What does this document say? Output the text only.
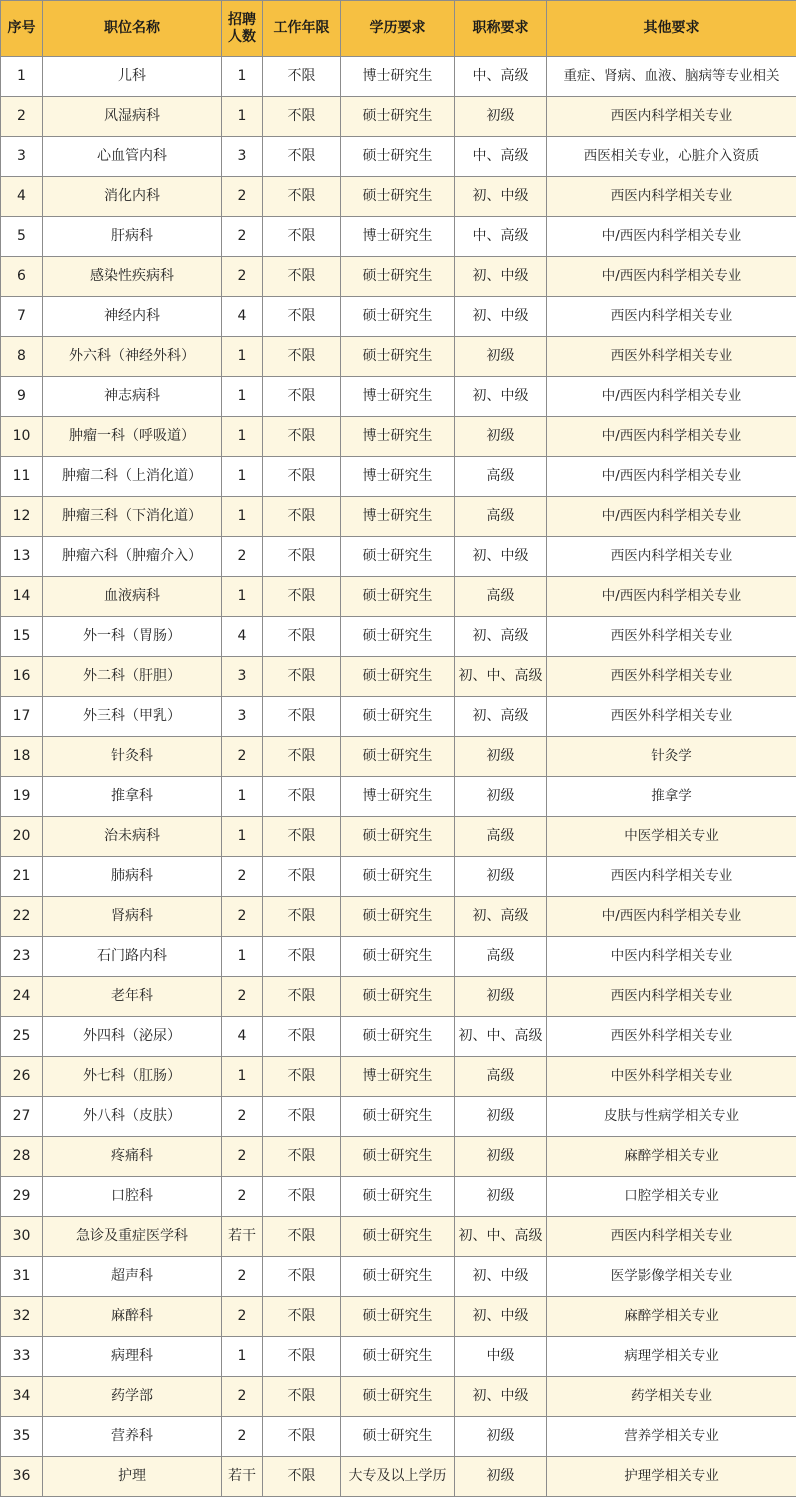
序号	职位名称	招聘人数	工作年限	学历要求	职称要求	其他要求
1	儿科	1	不限	博士研究生	中、高级	重症、肾病、血液、脑病等专业相关
2	风湿病科	1	不限	硕士研究生	初级	西医内科学相关专业
3	心血管内科	3	不限	硕士研究生	中、高级	西医相关专业，心脏介入资质
4	消化内科	2	不限	硕士研究生	初、中级	西医内科学相关专业
5	肝病科	2	不限	博士研究生	中、高级	中/西医内科学相关专业
6	感染性疾病科	2	不限	硕士研究生	初、中级	中/西医内科学相关专业
7	神经内科	4	不限	硕士研究生	初、中级	西医内科学相关专业
8	外六科（神经外科）	1	不限	硕士研究生	初级	西医外科学相关专业
9	神志病科	1	不限	博士研究生	初、中级	中/西医内科学相关专业
10	肿瘤一科（呼吸道）	1	不限	博士研究生	初级	中/西医内科学相关专业
11	肿瘤二科（上消化道）	1	不限	博士研究生	高级	中/西医内科学相关专业
12	肿瘤三科（下消化道）	1	不限	博士研究生	高级	中/西医内科学相关专业
13	肿瘤六科（肿瘤介入）	2	不限	硕士研究生	初、中级	西医内科学相关专业
14	血液病科	1	不限	硕士研究生	高级	中/西医内科学相关专业
15	外一科（胃肠）	4	不限	硕士研究生	初、高级	西医外科学相关专业
16	外二科（肝胆）	3	不限	硕士研究生	初、中、高级	西医外科学相关专业
17	外三科（甲乳）	3	不限	硕士研究生	初、高级	西医外科学相关专业
18	针灸科	2	不限	硕士研究生	初级	针灸学
19	推拿科	1	不限	博士研究生	初级	推拿学
20	治未病科	1	不限	硕士研究生	高级	中医学相关专业
21	肺病科	2	不限	硕士研究生	初级	西医内科学相关专业
22	肾病科	2	不限	硕士研究生	初、高级	中/西医内科学相关专业
23	石门路内科	1	不限	硕士研究生	高级	中医内科学相关专业
24	老年科	2	不限	硕士研究生	初级	西医内科学相关专业
25	外四科（泌尿）	4	不限	硕士研究生	初、中、高级	西医外科学相关专业
26	外七科（肛肠）	1	不限	博士研究生	高级	中医外科学相关专业
27	外八科（皮肤）	2	不限	硕士研究生	初级	皮肤与性病学相关专业
28	疼痛科	2	不限	硕士研究生	初级	麻醉学相关专业
29	口腔科	2	不限	硕士研究生	初级	口腔学相关专业
30	急诊及重症医学科	若干	不限	硕士研究生	初、中、高级	西医内科学相关专业
31	超声科	2	不限	硕士研究生	初、中级	医学影像学相关专业
32	麻醉科	2	不限	硕士研究生	初、中级	麻醉学相关专业
33	病理科	1	不限	硕士研究生	中级	病理学相关专业
34	药学部	2	不限	硕士研究生	初、中级	药学相关专业
35	营养科	2	不限	硕士研究生	初级	营养学相关专业
36	护理	若干	不限	大专及以上学历	初级	护理学相关专业
